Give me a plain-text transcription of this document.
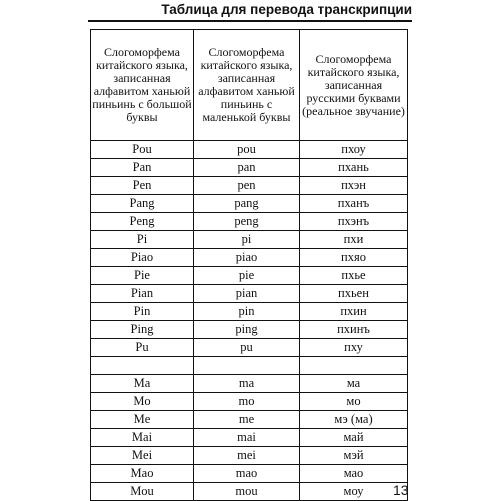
Таблица для перевода транскрипции
Слогоморфема китайского языка, записанная алфавитом ханьюй пиньинь с большой буквы	Слогоморфема китайского языка, записанная алфавитом ханьюй пиньинь с маленькой буквы	Слогоморфема китайского языка, записанная русскими буквами (реальное звучание)
Pou	pou	пхоу
Pan	pan	пхань
Pen	pen	пхэн
Pang	pang	пханъ
Peng	peng	пхэнъ
Pi	pi	пхи
Piao	piao	пхяо
Pie	pie	пхье
Pian	pian	пхьен
Pin	pin	пхин
Ping	ping	пхинъ
Pu	pu	пху

Ma	ma	ма
Mo	mo	мо
Me	me	мэ (ма)
Mai	mai	май
Mei	mei	мэй
Mao	mao	мао
Mou	mou	моу 13
